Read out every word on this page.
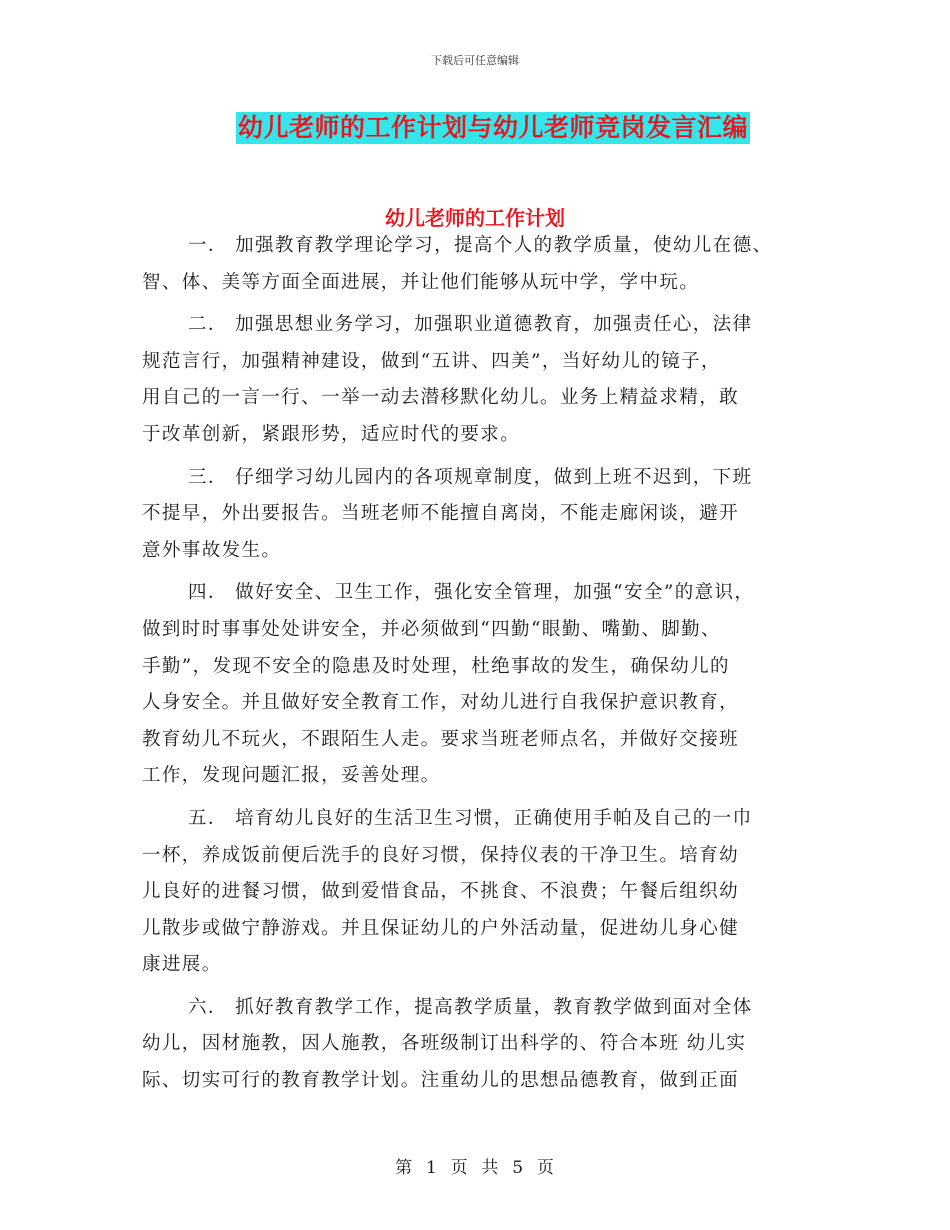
下载后可任意编辑
幼儿老师的工作计划与幼儿老师竞岗发言汇编
幼儿老师的工作计划
一． 加强教育教学理论学习，提高个人的教学质量，使幼儿在德、
智、体、美等方面全面进展，并让他们能够从玩中学，学中玩。
二． 加强思想业务学习，加强职业道德教育，加强责任心，法律
规范言行，加强精神建设，做到“五讲、四美”，当好幼儿的镜子，
用自己的一言一行、一举一动去潜移默化幼儿。业务上精益求精，敢
于改革创新，紧跟形势，适应时代的要求。
三． 仔细学习幼儿园内的各项规章制度，做到上班不迟到，下班
不提早，外出要报告。当班老师不能擅自离岗，不能走廊闲谈，避开
意外事故发生。
四． 做好安全、卫生工作，强化安全管理，加强“安全”的意识，
做到时时事事处处讲安全，并必须做到“四勤“眼勤、嘴勤、脚勤、
手勤”，发现不安全的隐患及时处理，杜绝事故的发生，确保幼儿的
人身安全。并且做好安全教育工作，对幼儿进行自我保护意识教育，
教育幼儿不玩火，不跟陌生人走。要求当班老师点名，并做好交接班
工作，发现问题汇报，妥善处理。
五． 培育幼儿良好的生活卫生习惯，正确使用手帕及自己的一巾
一杯，养成饭前便后洗手的良好习惯，保持仪表的干净卫生。培育幼
儿良好的进餐习惯，做到爱惜食品，不挑食、不浪费；午餐后组织幼
儿散步或做宁静游戏。并且保证幼儿的户外活动量，促进幼儿身心健
康进展。
六． 抓好教育教学工作，提高教学质量，教育教学做到面对全体
幼儿，因材施教，因人施教，各班级制订出科学的、符合本班 幼儿实
际、切实可行的教育教学计划。注重幼儿的思想品德教育，做到正面
第  1  页  共  5  页
